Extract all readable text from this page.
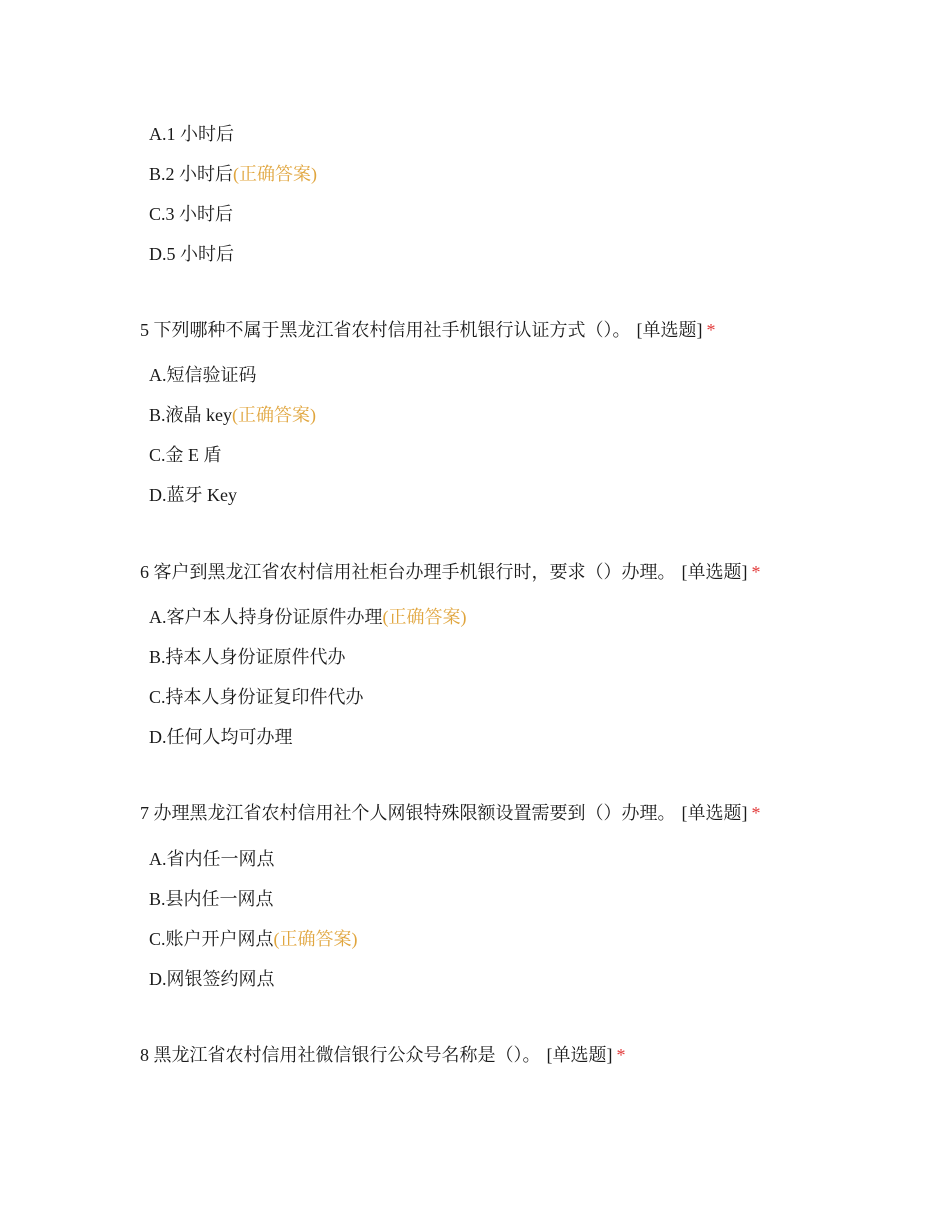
A.1 小时后
B.2 小时后(正确答案)
C.3 小时后
D.5 小时后
5 下列哪种不属于黑龙江省农村信用社手机银行认证方式（）。 [单选题] *
A.短信验证码
B.液晶 key(正确答案)
C.金 E 盾
D.蓝牙 Key
6 客户到黑龙江省农村信用社柜台办理手机银行时，要求（）办理。 [单选题] *
A.客户本人持身份证原件办理(正确答案)
B.持本人身份证原件代办
C.持本人身份证复印件代办
D.任何人均可办理
7 办理黑龙江省农村信用社个人网银特殊限额设置需要到（）办理。 [单选题] *
A.省内任一网点
B.县内任一网点
C.账户开户网点(正确答案)
D.网银签约网点
8 黑龙江省农村信用社微信银行公众号名称是（）。 [单选题] *
